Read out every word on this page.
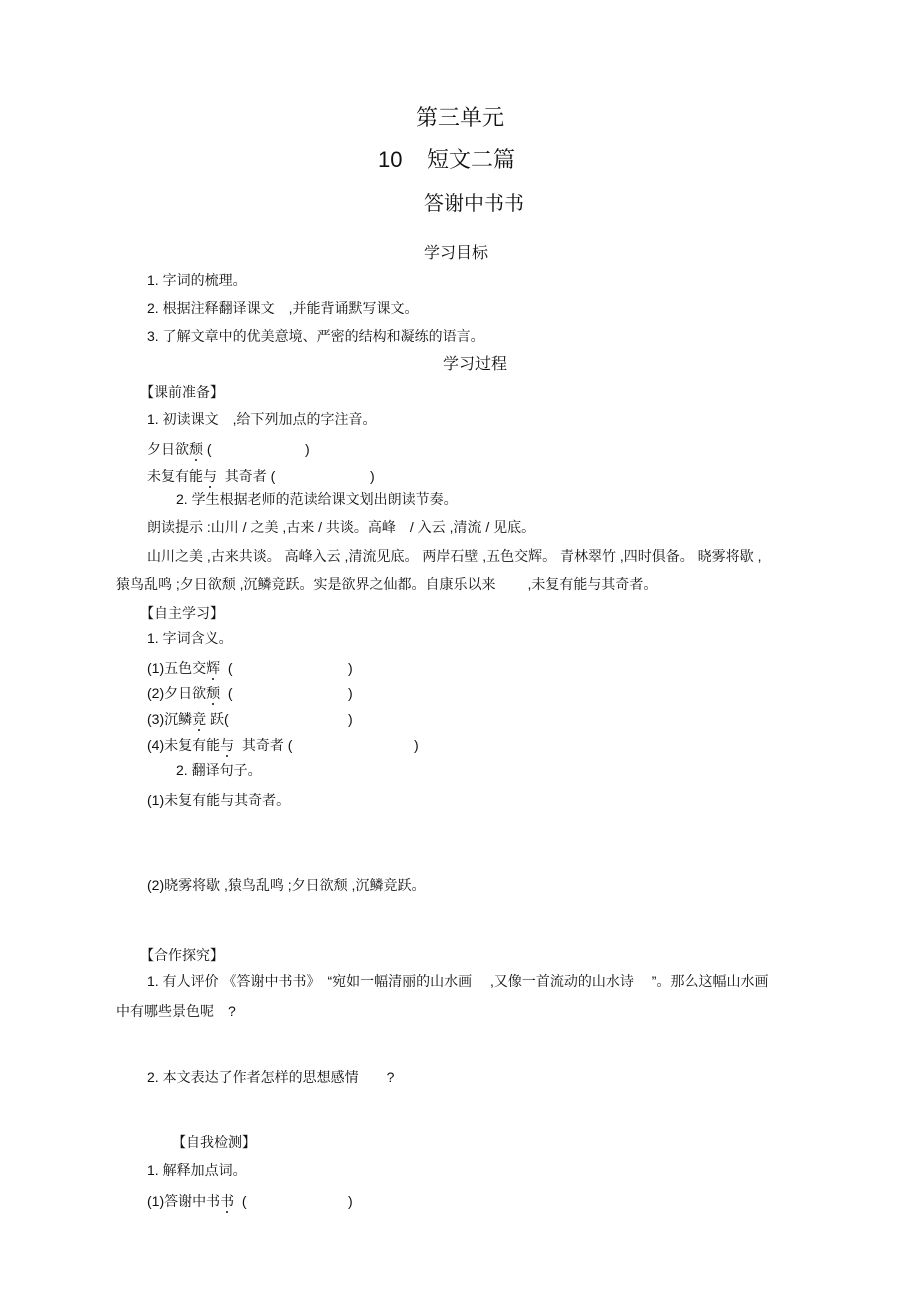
第三单元
10 短文二篇
答谢中书书
学习目标
1. 字词的梳理。
2. 根据注释翻译课文　,并能背诵默写课文。
3. 了解文章中的优美意境、严密的结构和凝练的语言。
学习过程
【课前准备】
1. 初读课文　,给下列加点的字注音。
夕日欲颓 (	)
未复有能与  其奇者 (	)
2. 学生根据老师的范读给课文划出朗读节奏。
朗读提示 :山川 / 之美 ,古来 / 共谈。高峰　/ 入云 ,清流 / 见底。
山川之美 ,古来共谈。 高峰入云 ,清流见底。 两岸石壁 ,五色交辉。 青林翠竹 ,四时俱备。 晓雾将歇 ,
猿鸟乱鸣 ;夕日欲颓 ,沉鳞竞跃。实是欲界之仙都。自康乐以来　　 ,未复有能与其奇者。
【自主学习】
1. 字词含义。
(1)五色交辉  (	)
(2)夕日欲颓  (	)
(3)沉鳞竞 跃(	)
(4)未复有能与  其奇者 (	)
2. 翻译句子。
(1)未复有能与其奇者。
(2)晓雾将歇 ,猿鸟乱鸣 ;夕日欲颓 ,沉鳞竞跃。
【合作探究】
1. 有人评价 《答谢中书书》　“宛如一幅清丽的山水画　 ,又像一首流动的山水诗　 ”。那么这幅山水画
中有哪些景色呢　?
2. 本文表达了作者怎样的思想感情　　?
【自我检测】
1. 解释加点词。
(1)答谢中书书  (	)
